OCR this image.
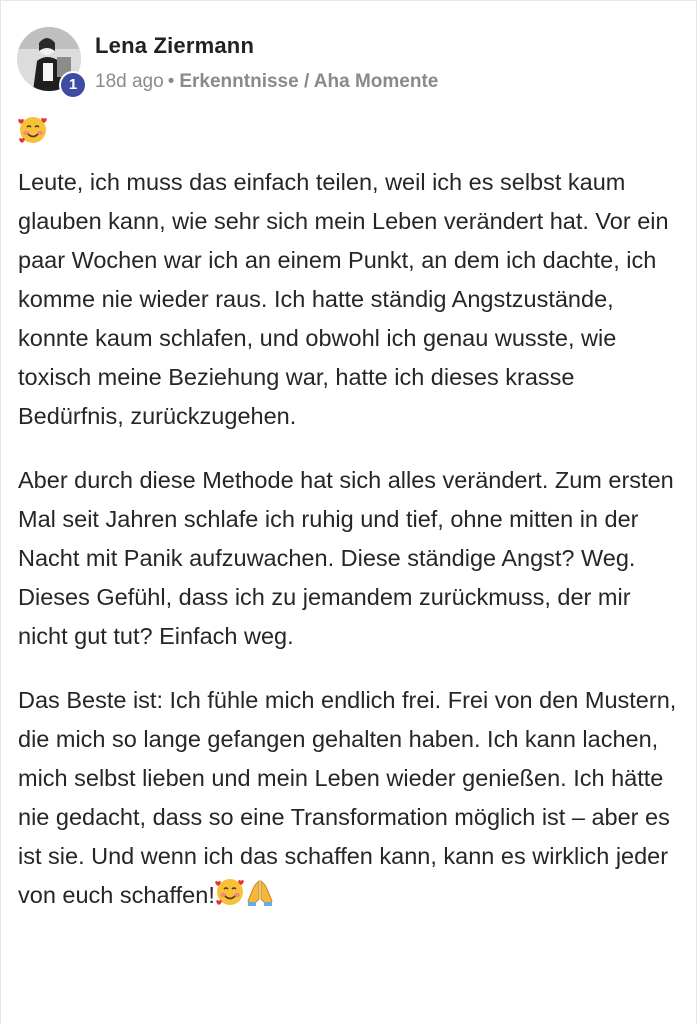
1
Lena Ziermann
18d ago • Erkenntnisse / Aha Momente

Leute, ich muss das einfach teilen, weil ich es selbst kaum glauben kann, wie sehr sich mein Leben verändert hat. Vor ein paar Wochen war ich an einem Punkt, an dem ich dachte, ich komme nie wieder raus. Ich hatte ständig Angstzustände, konnte kaum schlafen, und obwohl ich genau wusste, wie toxisch meine Beziehung war, hatte ich dieses krasse Bedürfnis, zurückzugehen.

Aber durch diese Methode hat sich alles verändert. Zum ersten Mal seit Jahren schlafe ich ruhig und tief, ohne mitten in der Nacht mit Panik aufzuwachen. Diese ständige Angst? Weg. Dieses Gefühl, dass ich zu jemandem zurückmuss, der mir nicht gut tut? Einfach weg.

Das Beste ist: Ich fühle mich endlich frei. Frei von den Mustern, die mich so lange gefangen gehalten haben. Ich kann lachen, mich selbst lieben und mein Leben wieder genießen. Ich hätte nie gedacht, dass so eine Transformation möglich ist – aber es ist sie. Und wenn ich das schaffen kann, kann es wirklich jeder von euch schaffen!
